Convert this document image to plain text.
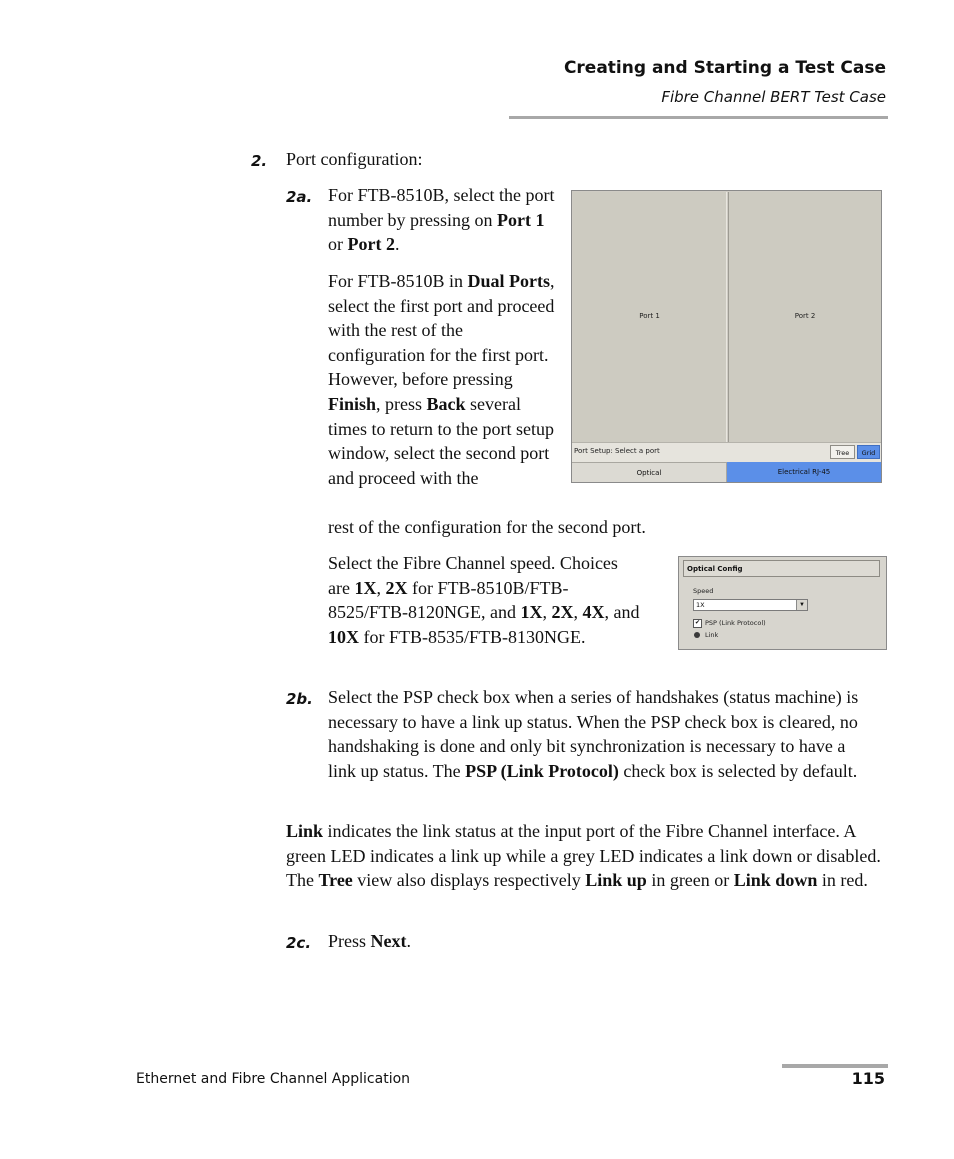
Creating and Starting a Test Case
Fibre Channel BERT Test Case
2. Port configuration:
2a. For FTB-8510B, select the port number by pressing on Port 1 or Port 2.
For FTB-8510B in Dual Ports, select the first port and proceed with the rest of the configuration for the first port. However, before pressing Finish, press Back several times to return to the port setup window, select the second port and proceed with the
rest of the configuration for the second port.
Select the Fibre Channel speed. Choices are 1X, 2X for FTB-8510B/FTB-8525/FTB-8120NGE, and 1X, 2X, 4X, and 10X for FTB-8535/FTB-8130NGE.
Port 1	Port 2
Port Setup: Select a port	Tree	Grid
Optical	Electrical RJ-45
Optical Config
Speed
1X	▼
✔ PSP (Link Protocol)
Link
2b. Select the PSP check box when a series of handshakes (status machine) is necessary to have a link up status. When the PSP check box is cleared, no handshaking is done and only bit synchronization is necessary to have a link up status. The PSP (Link Protocol) check box is selected by default.
Link indicates the link status at the input port of the Fibre Channel interface. A green LED indicates a link up while a grey LED indicates a link down or disabled. The Tree view also displays respectively Link up in green or Link down in red.
2c. Press Next.
Ethernet and Fibre Channel Application	115
